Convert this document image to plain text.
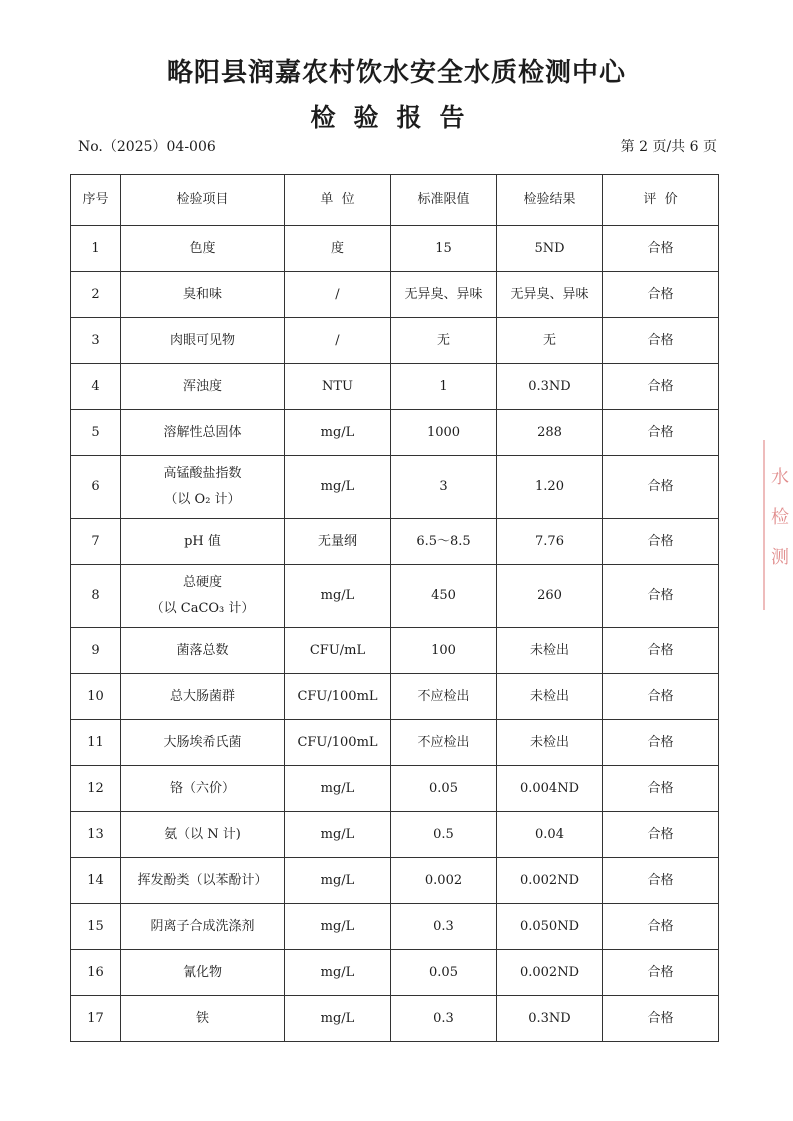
略阳县润嘉农村饮水安全水质检测中心
检验报告
No.（2025）04-006	第 2 页/共 6 页
序号	检验项目	单  位	标准限值	检验结果	评  价
1	色度	度	15	5ND	合格
2	臭和味	/	无异臭、异味	无异臭、异味	合格
3	肉眼可见物	/	无	无	合格
4	浑浊度	NTU	1	0.3ND	合格
5	溶解性总固体	mg/L	1000	288	合格
6	高锰酸盐指数
（以 O₂ 计）	mg/L	3	1.20	合格
7	pH 值	无量纲	6.5～8.5	7.76	合格
8	总硬度
（以 CaCO₃ 计）	mg/L	450	260	合格
9	菌落总数	CFU/mL	100	未检出	合格
10	总大肠菌群	CFU/100mL	不应检出	未检出	合格
11	大肠埃希氏菌	CFU/100mL	不应检出	未检出	合格
12	铬（六价）	mg/L	0.05	0.004ND	合格
13	氨（以 N 计)	mg/L	0.5	0.04	合格
14	挥发酚类（以苯酚计）	mg/L	0.002	0.002ND	合格
15	阴离子合成洗涤剂	mg/L	0.3	0.050ND	合格
16	氰化物	mg/L	0.05	0.002ND	合格
17	铁	mg/L	0.3	0.3ND	合格
水 检 测
